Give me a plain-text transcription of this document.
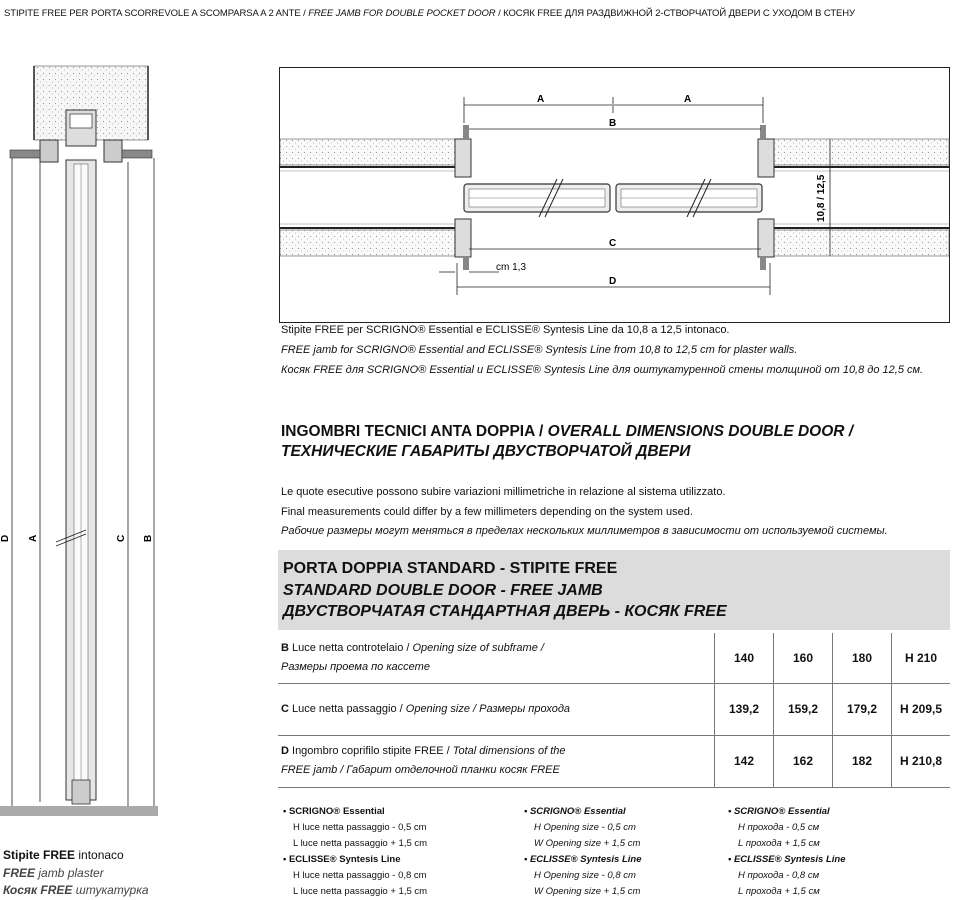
STIPITE FREE PER PORTA SCORREVOLE A SCOMPARSA A 2 ANTE / FREE JAMB FOR DOUBLE POCKET DOOR / КОСЯК FREE ДЛЯ РАЗДВИЖНОЙ 2-СТВОРЧАТОЙ ДВЕРИ С УХОДОМ В СТЕНУ
A	A
B
C
D
cm 1,3
10,8 / 12,5
Stipite FREE per SCRIGNO® Essential e ECLISSE® Syntesis Line da 10,8 a 12,5 intonaco.
FREE jamb for SCRIGNO® Essential and ECLISSE® Syntesis Line from 10,8 to 12,5 cm for plaster walls.
Косяк FREE для SCRIGNO® Essential и ECLISSE® Syntesis Line для оштукатуренной стены толщиной от 10,8 до 12,5 см.
INGOMBRI TECNICI ANTA DOPPIA / OVERALL DIMENSIONS DOUBLE DOOR /
ТЕХНИЧЕСКИЕ ГАБАРИТЫ ДВУСТВОРЧАТОЙ ДВЕРИ
Le quote esecutive possono subire variazioni millimetriche in relazione al sistema utilizzato.
Final measurements could differ by a few millimeters depending on the system used.
Рабочие размеры могут меняться в пределах нескольких миллиметров в зависимости от используемой системы.
PORTA DOPPIA STANDARD - STIPITE FREE
STANDARD DOUBLE DOOR - FREE JAMB
ДВУСТВОРЧАТАЯ СТАНДАРТНАЯ ДВЕРЬ - КОСЯК FREE
B Luce netta controtelaio / Opening size of subframe /
Размеры проема по кассете	140	160	180	H 210
C Luce netta passaggio / Opening size / Размеры прохода	139,2	159,2	179,2	H 209,5
D Ingombro coprifilo stipite FREE / Total dimensions of the
FREE jamb / Габарит отделочной планки косяк FREE	142	162	182	H 210,8
• SCRIGNO® Essential
H luce netta passaggio - 0,5 cm
L luce netta passaggio + 1,5 cm
• ECLISSE® Syntesis Line
H luce netta passaggio - 0,8 cm
L luce netta passaggio + 1,5 cm
• SCRIGNO® Essential
H Opening size - 0,5 cm
W Opening size + 1,5 cm
• ECLISSE® Syntesis Line
H Opening size - 0,8 cm
W Opening size + 1,5 cm
• SCRIGNO® Essential
H прохода - 0,5 см
L прохода + 1,5 см
• ECLISSE® Syntesis Line
H прохода - 0,8 см
L прохода + 1,5 см
D A	C B
Stipite FREE intonaco
FREE jamb plaster
Косяк FREE штукатурка
